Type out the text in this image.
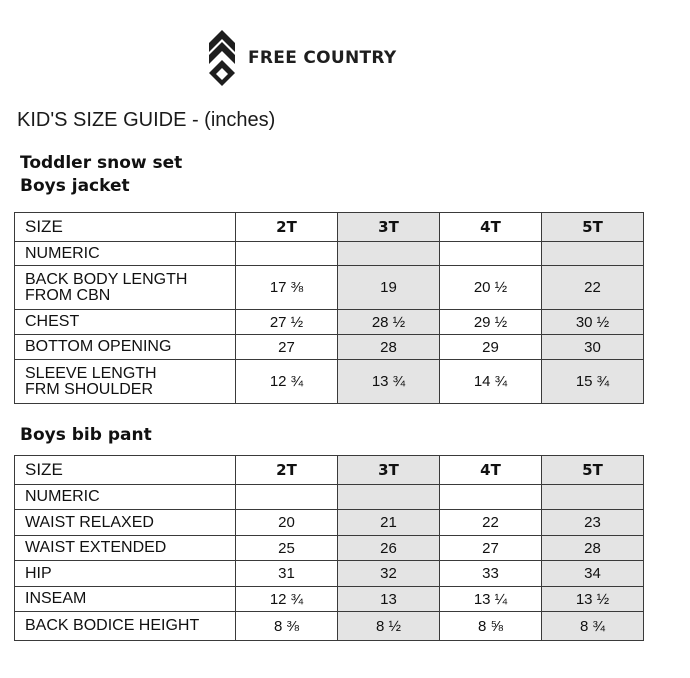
FREE COUNTRY
KID'S SIZE GUIDE - (inches)
Toddler snow set
Boys jacket
SIZE	2T	3T	4T	5T
NUMERIC				
BACK BODY LENGTH
FROM CBN	17 ⅜	19	20 ½	22
CHEST	27 ½	28 ½	29 ½	30 ½
BOTTOM OPENING	27	28	29	30
SLEEVE LENGTH
FRM SHOULDER	12 ¾	13 ¾	14 ¾	15 ¾
Boys bib pant
SIZE	2T	3T	4T	5T
NUMERIC				
WAIST RELAXED	20	21	22	23
WAIST EXTENDED	25	26	27	28
HIP	31	32	33	34
INSEAM	12 ¾	13	13 ¼	13 ½
BACK BODICE HEIGHT	8 ⅜	8 ½	8 ⅝	8 ¾
